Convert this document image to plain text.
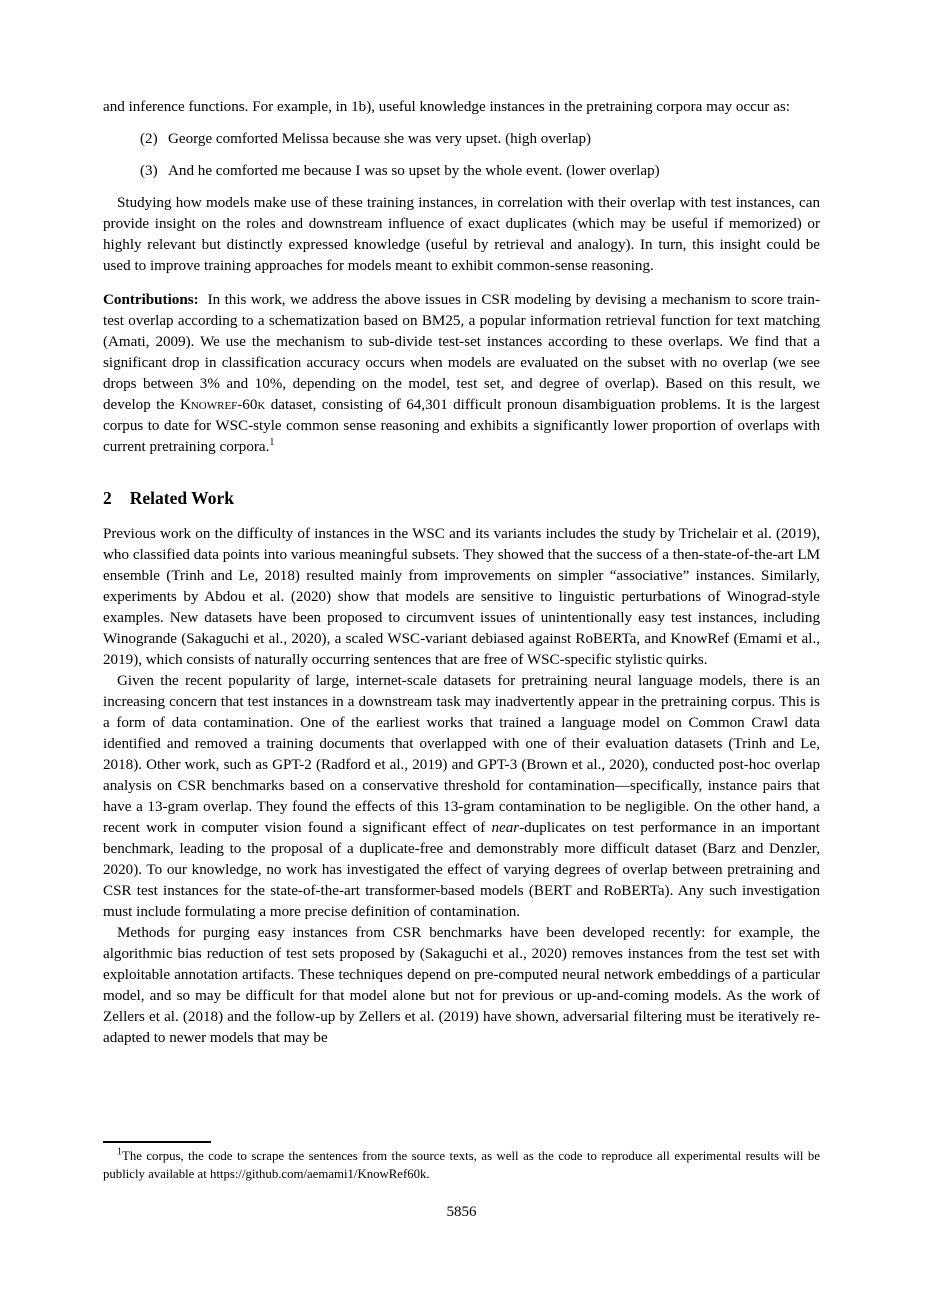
and inference functions. For example, in 1b), useful knowledge instances in the pretraining corpora may occur as:

(2) George comforted Melissa because she was very upset. (high overlap)
(3) And he comforted me because I was so upset by the whole event. (lower overlap)

Studying how models make use of these training instances, in correlation with their overlap with test instances, can provide insight on the roles and downstream influence of exact duplicates (which may be useful if memorized) or highly relevant but distinctly expressed knowledge (useful by retrieval and analogy). In turn, this insight could be used to improve training approaches for models meant to exhibit common-sense reasoning.

Contributions: In this work, we address the above issues in CSR modeling by devising a mechanism to score train-test overlap according to a schematization based on BM25, a popular information retrieval function for text matching (Amati, 2009). We use the mechanism to sub-divide test-set instances according to these overlaps. We find that a significant drop in classification accuracy occurs when models are evaluated on the subset with no overlap (we see drops between 3% and 10%, depending on the model, test set, and degree of overlap). Based on this result, we develop the Knowref-60k dataset, consisting of 64,301 difficult pronoun disambiguation problems. It is the largest corpus to date for WSC-style common sense reasoning and exhibits a significantly lower proportion of overlaps with current pretraining corpora.$^1$

2 Related Work

Previous work on the difficulty of instances in the WSC and its variants includes the study by Trichelair et al. (2019), who classified data points into various meaningful subsets. They showed that the success of a then-state-of-the-art LM ensemble (Trinh and Le, 2018) resulted mainly from improvements on simpler “associative” instances. Similarly, experiments by Abdou et al. (2020) show that models are sensitive to linguistic perturbations of Winograd-style examples. New datasets have been proposed to circumvent issues of unintentionally easy test instances, including Winogrande (Sakaguchi et al., 2020), a scaled WSC-variant debiased against RoBERTa, and KnowRef (Emami et al., 2019), which consists of naturally occurring sentences that are free of WSC-specific stylistic quirks.

Given the recent popularity of large, internet-scale datasets for pretraining neural language models, there is an increasing concern that test instances in a downstream task may inadvertently appear in the pretraining corpus. This is a form of data contamination. One of the earliest works that trained a language model on Common Crawl data identified and removed a training documents that overlapped with one of their evaluation datasets (Trinh and Le, 2018). Other work, such as GPT-2 (Radford et al., 2019) and GPT-3 (Brown et al., 2020), conducted post-hoc overlap analysis on CSR benchmarks based on a conservative threshold for contamination—specifically, instance pairs that have a 13-gram overlap. They found the effects of this 13-gram contamination to be negligible. On the other hand, a recent work in computer vision found a significant effect of near-duplicates on test performance in an important benchmark, leading to the proposal of a duplicate-free and demonstrably more difficult dataset (Barz and Denzler, 2020). To our knowledge, no work has investigated the effect of varying degrees of overlap between pretraining and CSR test instances for the state-of-the-art transformer-based models (BERT and RoBERTa). Any such investigation must include formulating a more precise definition of contamination.

Methods for purging easy instances from CSR benchmarks have been developed recently: for example, the algorithmic bias reduction of test sets proposed by (Sakaguchi et al., 2020) removes instances from the test set with exploitable annotation artifacts. These techniques depend on pre-computed neural network embeddings of a particular model, and so may be difficult for that model alone but not for previous or up-and-coming models. As the work of Zellers et al. (2018) and the follow-up by Zellers et al. (2019) have shown, adversarial filtering must be iteratively re-adapted to newer models that may be

$^1$The corpus, the code to scrape the sentences from the source texts, as well as the code to reproduce all experimental results will be publicly available at https://github.com/aemami1/KnowRef60k.
5856
